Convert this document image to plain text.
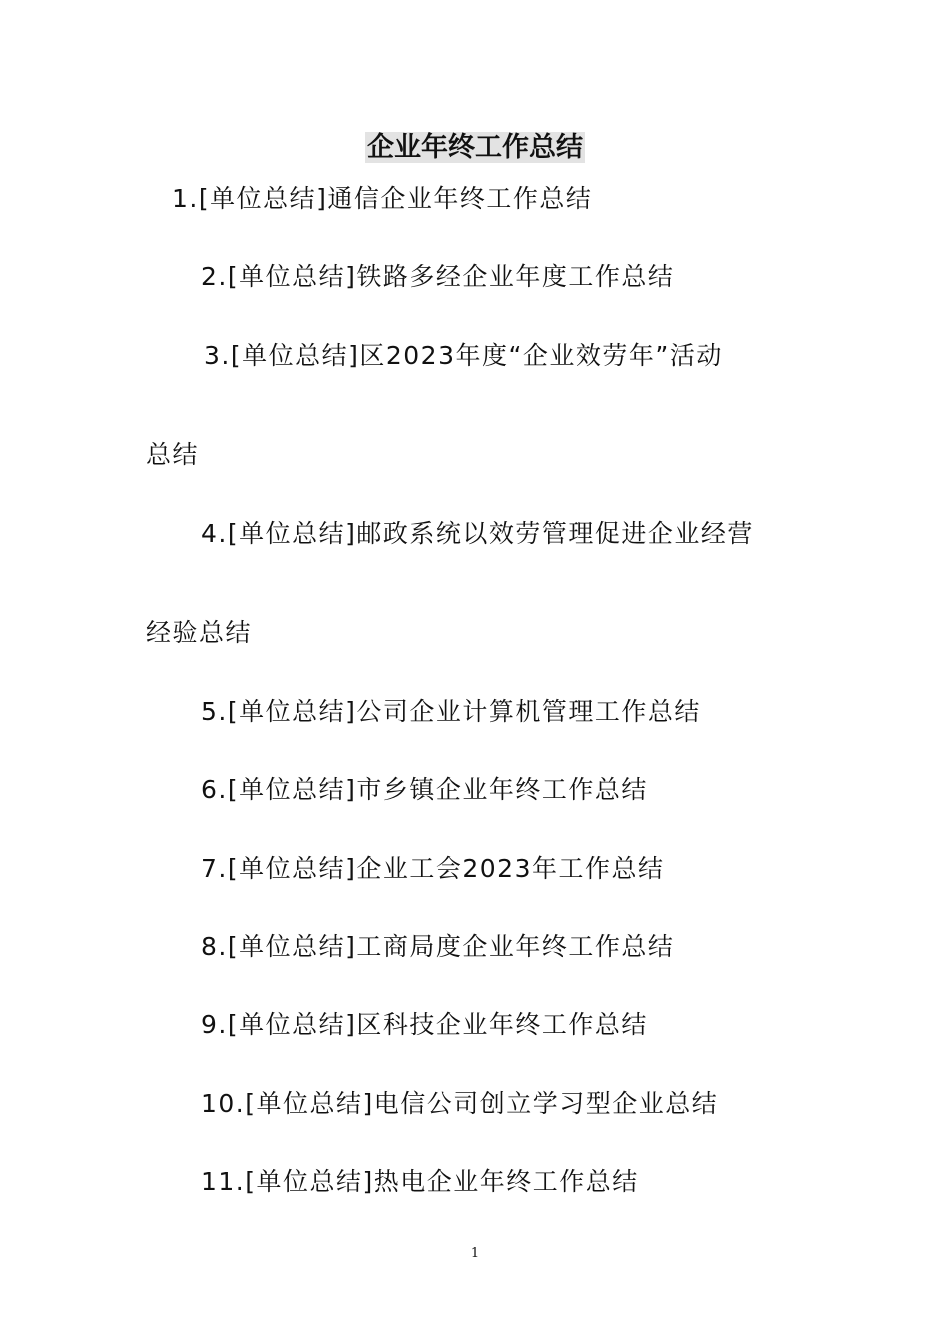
企业年终工作总结
1.[单位总结]通信企业年终工作总结
2.[单位总结]铁路多经企业年度工作总结
3.[单位总结]区2023年度“企业效劳年”活动
总结
4.[单位总结]邮政系统以效劳管理促进企业经营
经验总结
5.[单位总结]公司企业计算机管理工作总结
6.[单位总结]市乡镇企业年终工作总结
7.[单位总结]企业工会2023年工作总结
8.[单位总结]工商局度企业年终工作总结
9.[单位总结]区科技企业年终工作总结
10.[单位总结]电信公司创立学习型企业总结
11.[单位总结]热电企业年终工作总结
1
